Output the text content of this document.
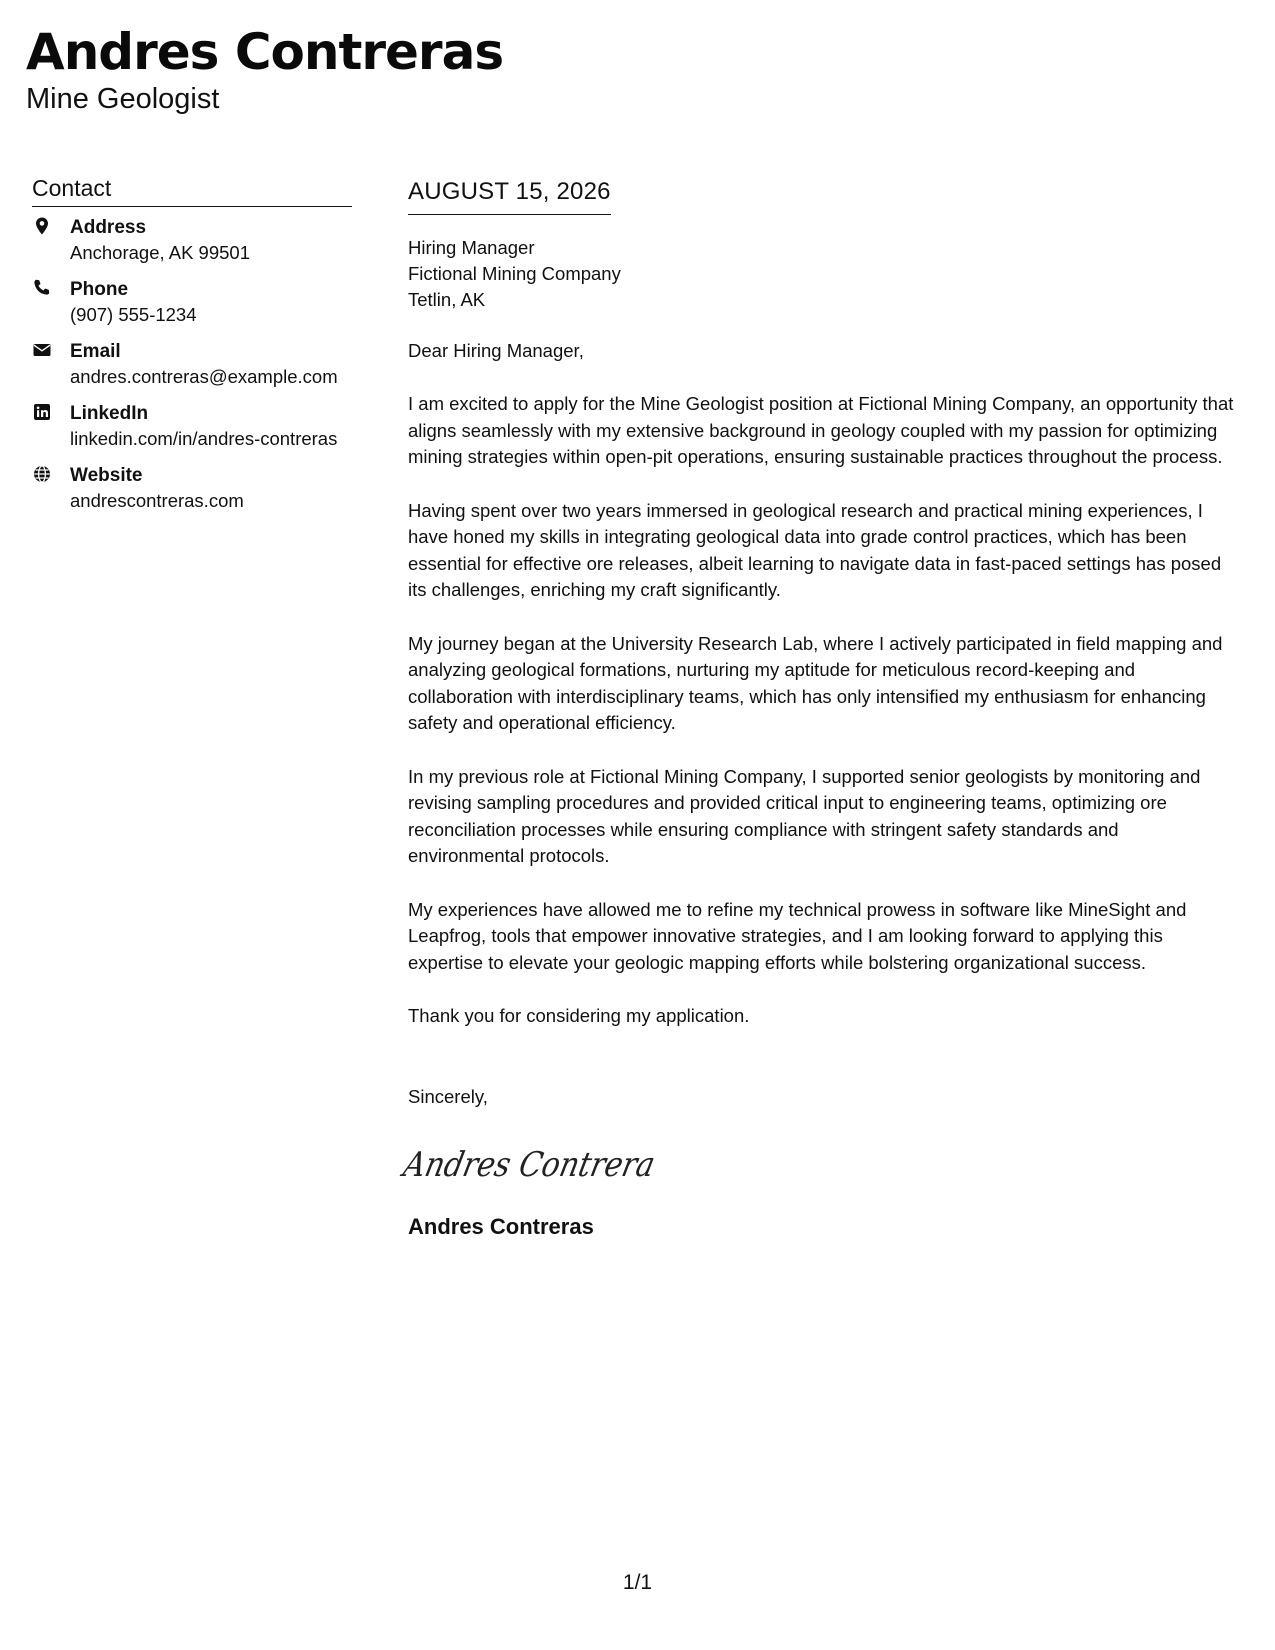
Andres Contreras
Mine Geologist
Contact
Address
Anchorage, AK 99501
Phone
(907) 555-1234
Email
andres.contreras@example.com
LinkedIn
linkedin.com/in/andres-contreras
Website
andrescontreras.com
AUGUST 15, 2026
Hiring Manager
Fictional Mining Company
Tetlin, AK
Dear Hiring Manager,
I am excited to apply for the Mine Geologist position at Fictional Mining Company, an opportunity that aligns seamlessly with my extensive background in geology coupled with my passion for optimizing mining strategies within open-pit operations, ensuring sustainable practices throughout the process.
Having spent over two years immersed in geological research and practical mining experiences, I have honed my skills in integrating geological data into grade control practices, which has been essential for effective ore releases, albeit learning to navigate data in fast-paced settings has posed its challenges, enriching my craft significantly.
My journey began at the University Research Lab, where I actively participated in field mapping and analyzing geological formations, nurturing my aptitude for meticulous record-keeping and collaboration with interdisciplinary teams, which has only intensified my enthusiasm for enhancing safety and operational efficiency.
In my previous role at Fictional Mining Company, I supported senior geologists by monitoring and revising sampling procedures and provided critical input to engineering teams, optimizing ore reconciliation processes while ensuring compliance with stringent safety standards and environmental protocols.
My experiences have allowed me to refine my technical prowess in software like MineSight and Leapfrog, tools that empower innovative strategies, and I am looking forward to applying this expertise to elevate your geologic mapping efforts while bolstering organizational success.
Thank you for considering my application.
Sincerely,
Andres Contrera
Andres Contreras
1/1
